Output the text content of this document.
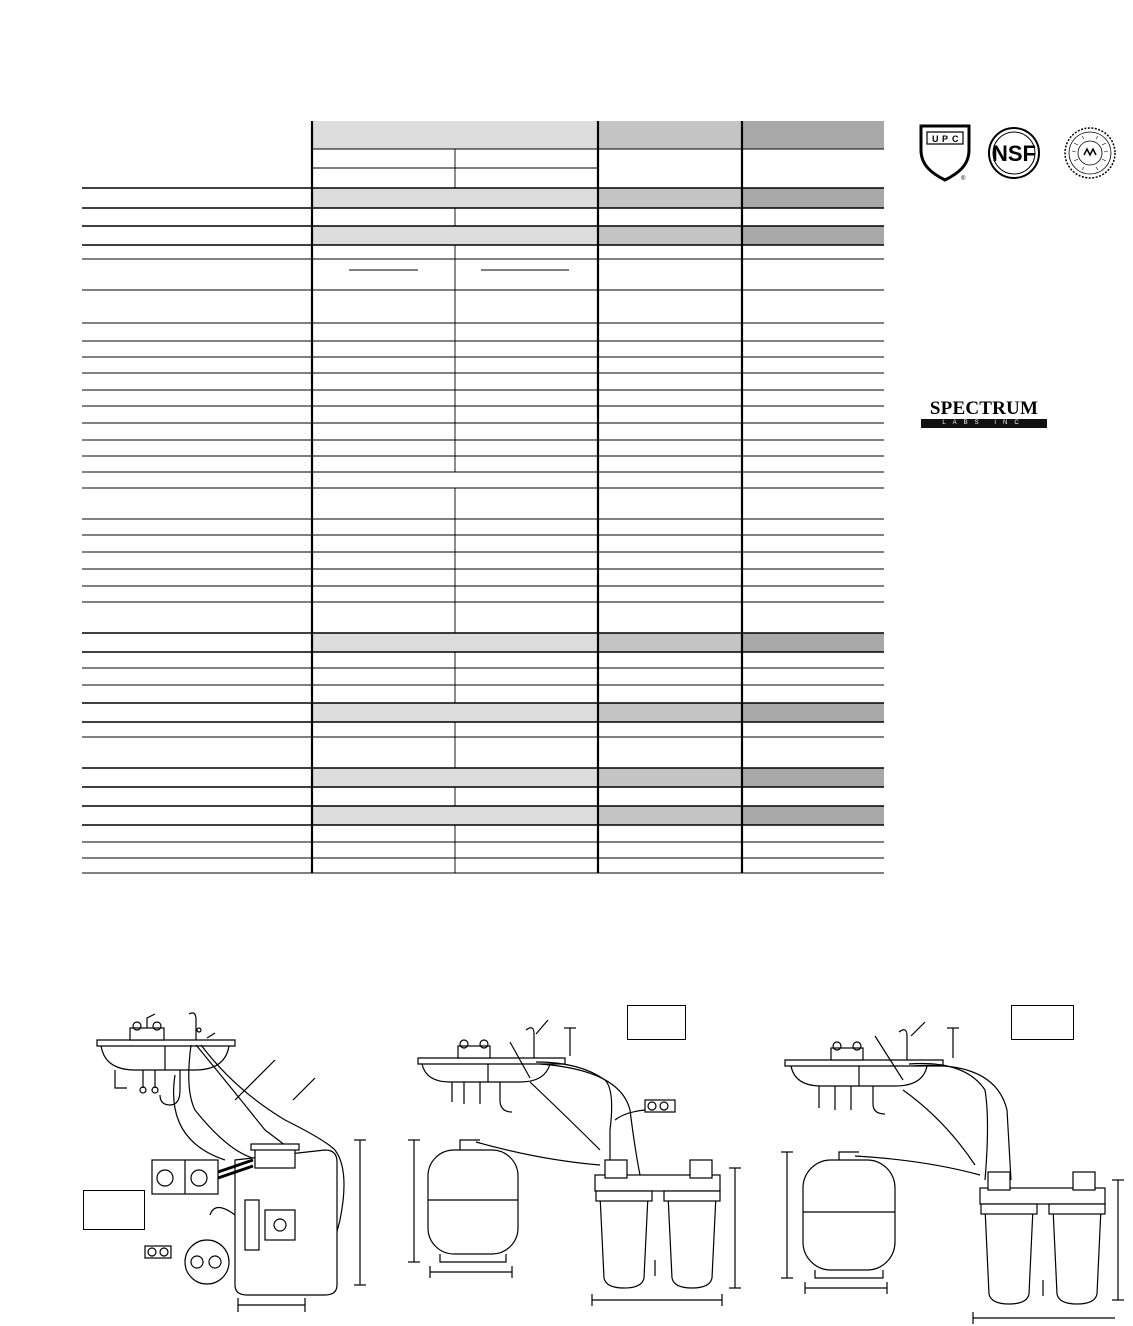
U P C
®
NSF
SPECTRUM
LABS INC
